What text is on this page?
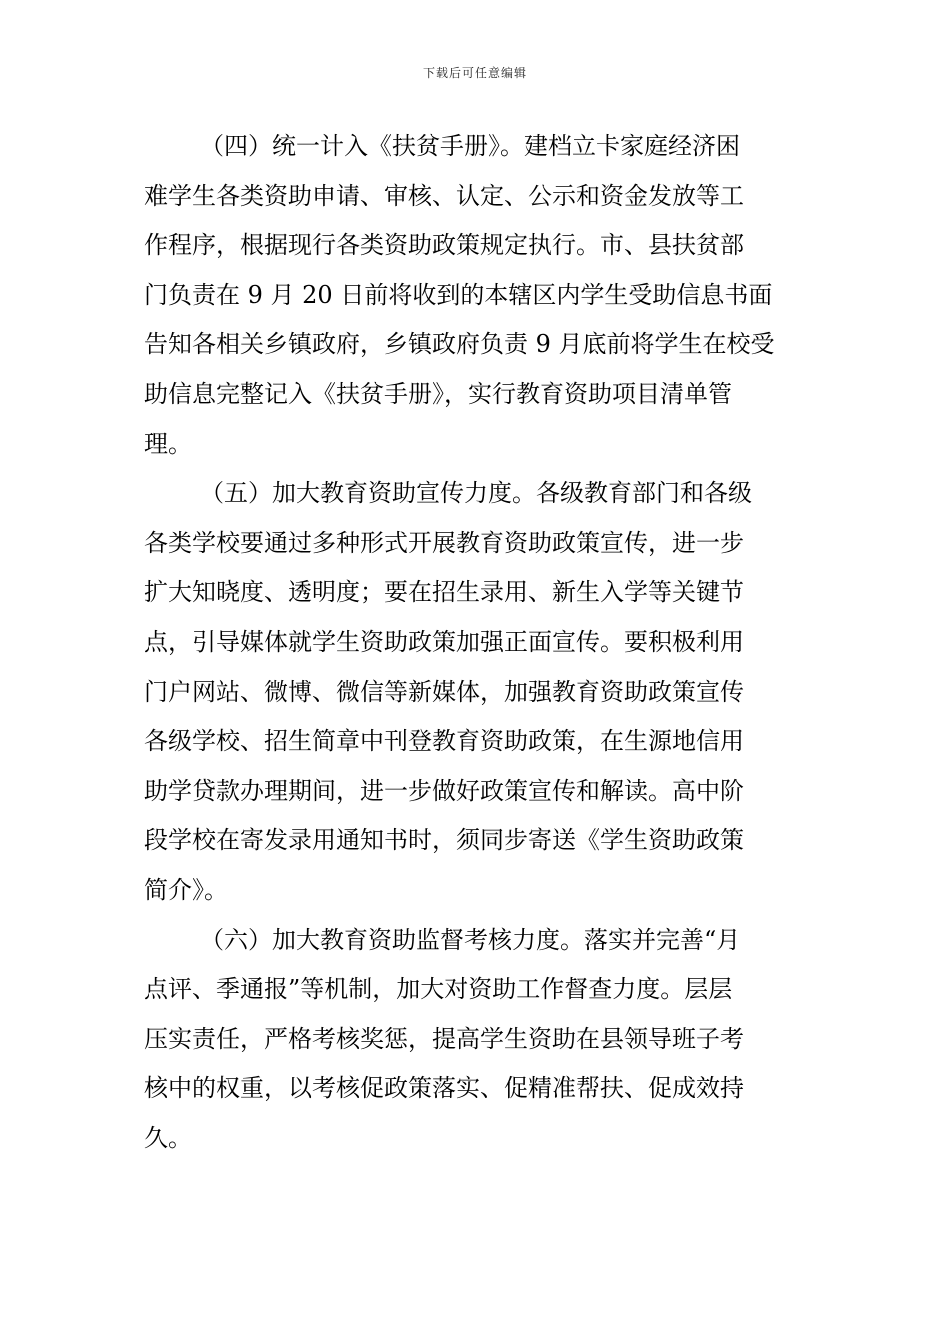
下载后可任意编辑
（四）统一计入《扶贫手册》。建档立卡家庭经济困
难学生各类资助申请、审核、认定、公示和资金发放等工
作程序，根据现行各类资助政策规定执行。市、县扶贫部
门负责在 9 月 20 日前将收到的本辖区内学生受助信息书面
告知各相关乡镇政府，乡镇政府负责 9 月底前将学生在校受
助信息完整记入《扶贫手册》，实行教育资助项目清单管
理。
（五）加大教育资助宣传力度。各级教育部门和各级
各类学校要通过多种形式开展教育资助政策宣传，进一步
扩大知晓度、透明度；要在招生录用、新生入学等关键节
点，引导媒体就学生资助政策加强正面宣传。要积极利用
门户网站、微博、微信等新媒体，加强教育资助政策宣传
各级学校、招生简章中刊登教育资助政策，在生源地信用
助学贷款办理期间，进一步做好政策宣传和解读。高中阶
段学校在寄发录用通知书时，须同步寄送《学生资助政策
简介》。
（六）加大教育资助监督考核力度。落实并完善“月
点评、季通报”等机制，加大对资助工作督查力度。层层
压实责任，严格考核奖惩，提高学生资助在县领导班子考
核中的权重，以考核促政策落实、促精准帮扶、促成效持
久。
